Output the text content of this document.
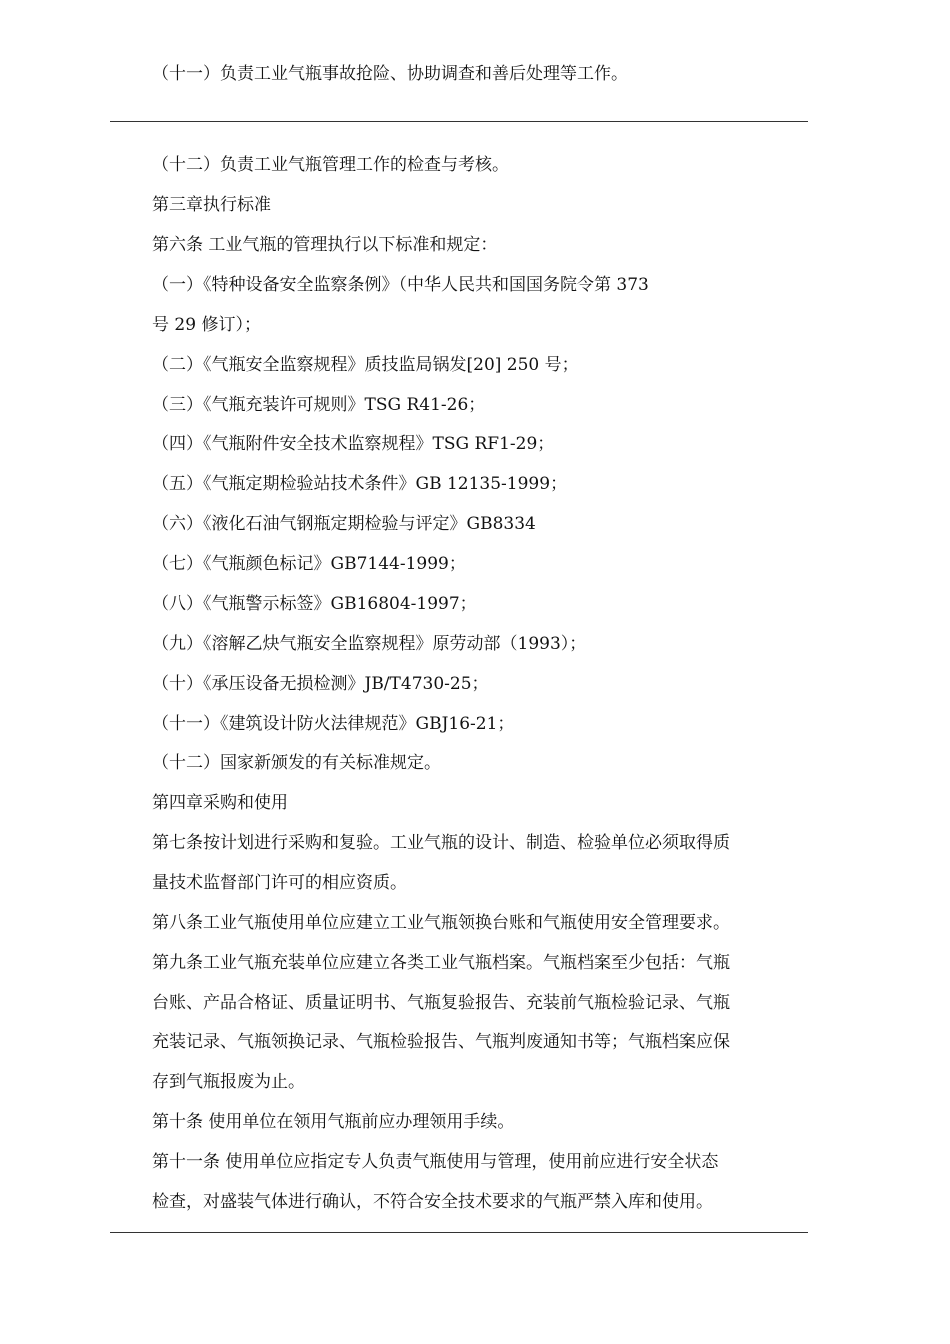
（十一）负责工业气瓶事故抢险、协助调查和善后处理等工作。
（十二）负责工业气瓶管理工作的检查与考核。
第三章执行标准
第六条 工业气瓶的管理执行以下标准和规定：
（一）《特种设备安全监察条例》（中华人民共和国国务院令第 373
号 29 修订）；
（二）《气瓶安全监察规程》质技监局锅发[20] 250 号；
（三）《气瓶充装许可规则》TSG R41-26；
（四）《气瓶附件安全技术监察规程》TSG RF1-29；
（五）《气瓶定期检验站技术条件》GB 12135-1999；
（六）《液化石油气钢瓶定期检验与评定》GB8334
（七）《气瓶颜色标记》GB7144-1999；
（八）《气瓶警示标签》GB16804-1997；
（九）《溶解乙炔气瓶安全监察规程》原劳动部（1993）；
（十）《承压设备无损检测》JB/T4730-25；
（十一）《建筑设计防火法律规范》GBJ16-21；
（十二）国家新颁发的有关标准规定。
第四章采购和使用
第七条按计划进行采购和复验。工业气瓶的设计、制造、检验单位必须取得质
量技术监督部门许可的相应资质。
第八条工业气瓶使用单位应建立工业气瓶领换台账和气瓶使用安全管理要求。
第九条工业气瓶充装单位应建立各类工业气瓶档案。气瓶档案至少包括：气瓶
台账、产品合格证、质量证明书、气瓶复验报告、充装前气瓶检验记录、气瓶
充装记录、气瓶领换记录、气瓶检验报告、气瓶判废通知书等；气瓶档案应保
存到气瓶报废为止。
第十条 使用单位在领用气瓶前应办理领用手续。
第十一条 使用单位应指定专人负责气瓶使用与管理，使用前应进行安全状态
检查，对盛装气体进行确认，不符合安全技术要求的气瓶严禁入库和使用。
